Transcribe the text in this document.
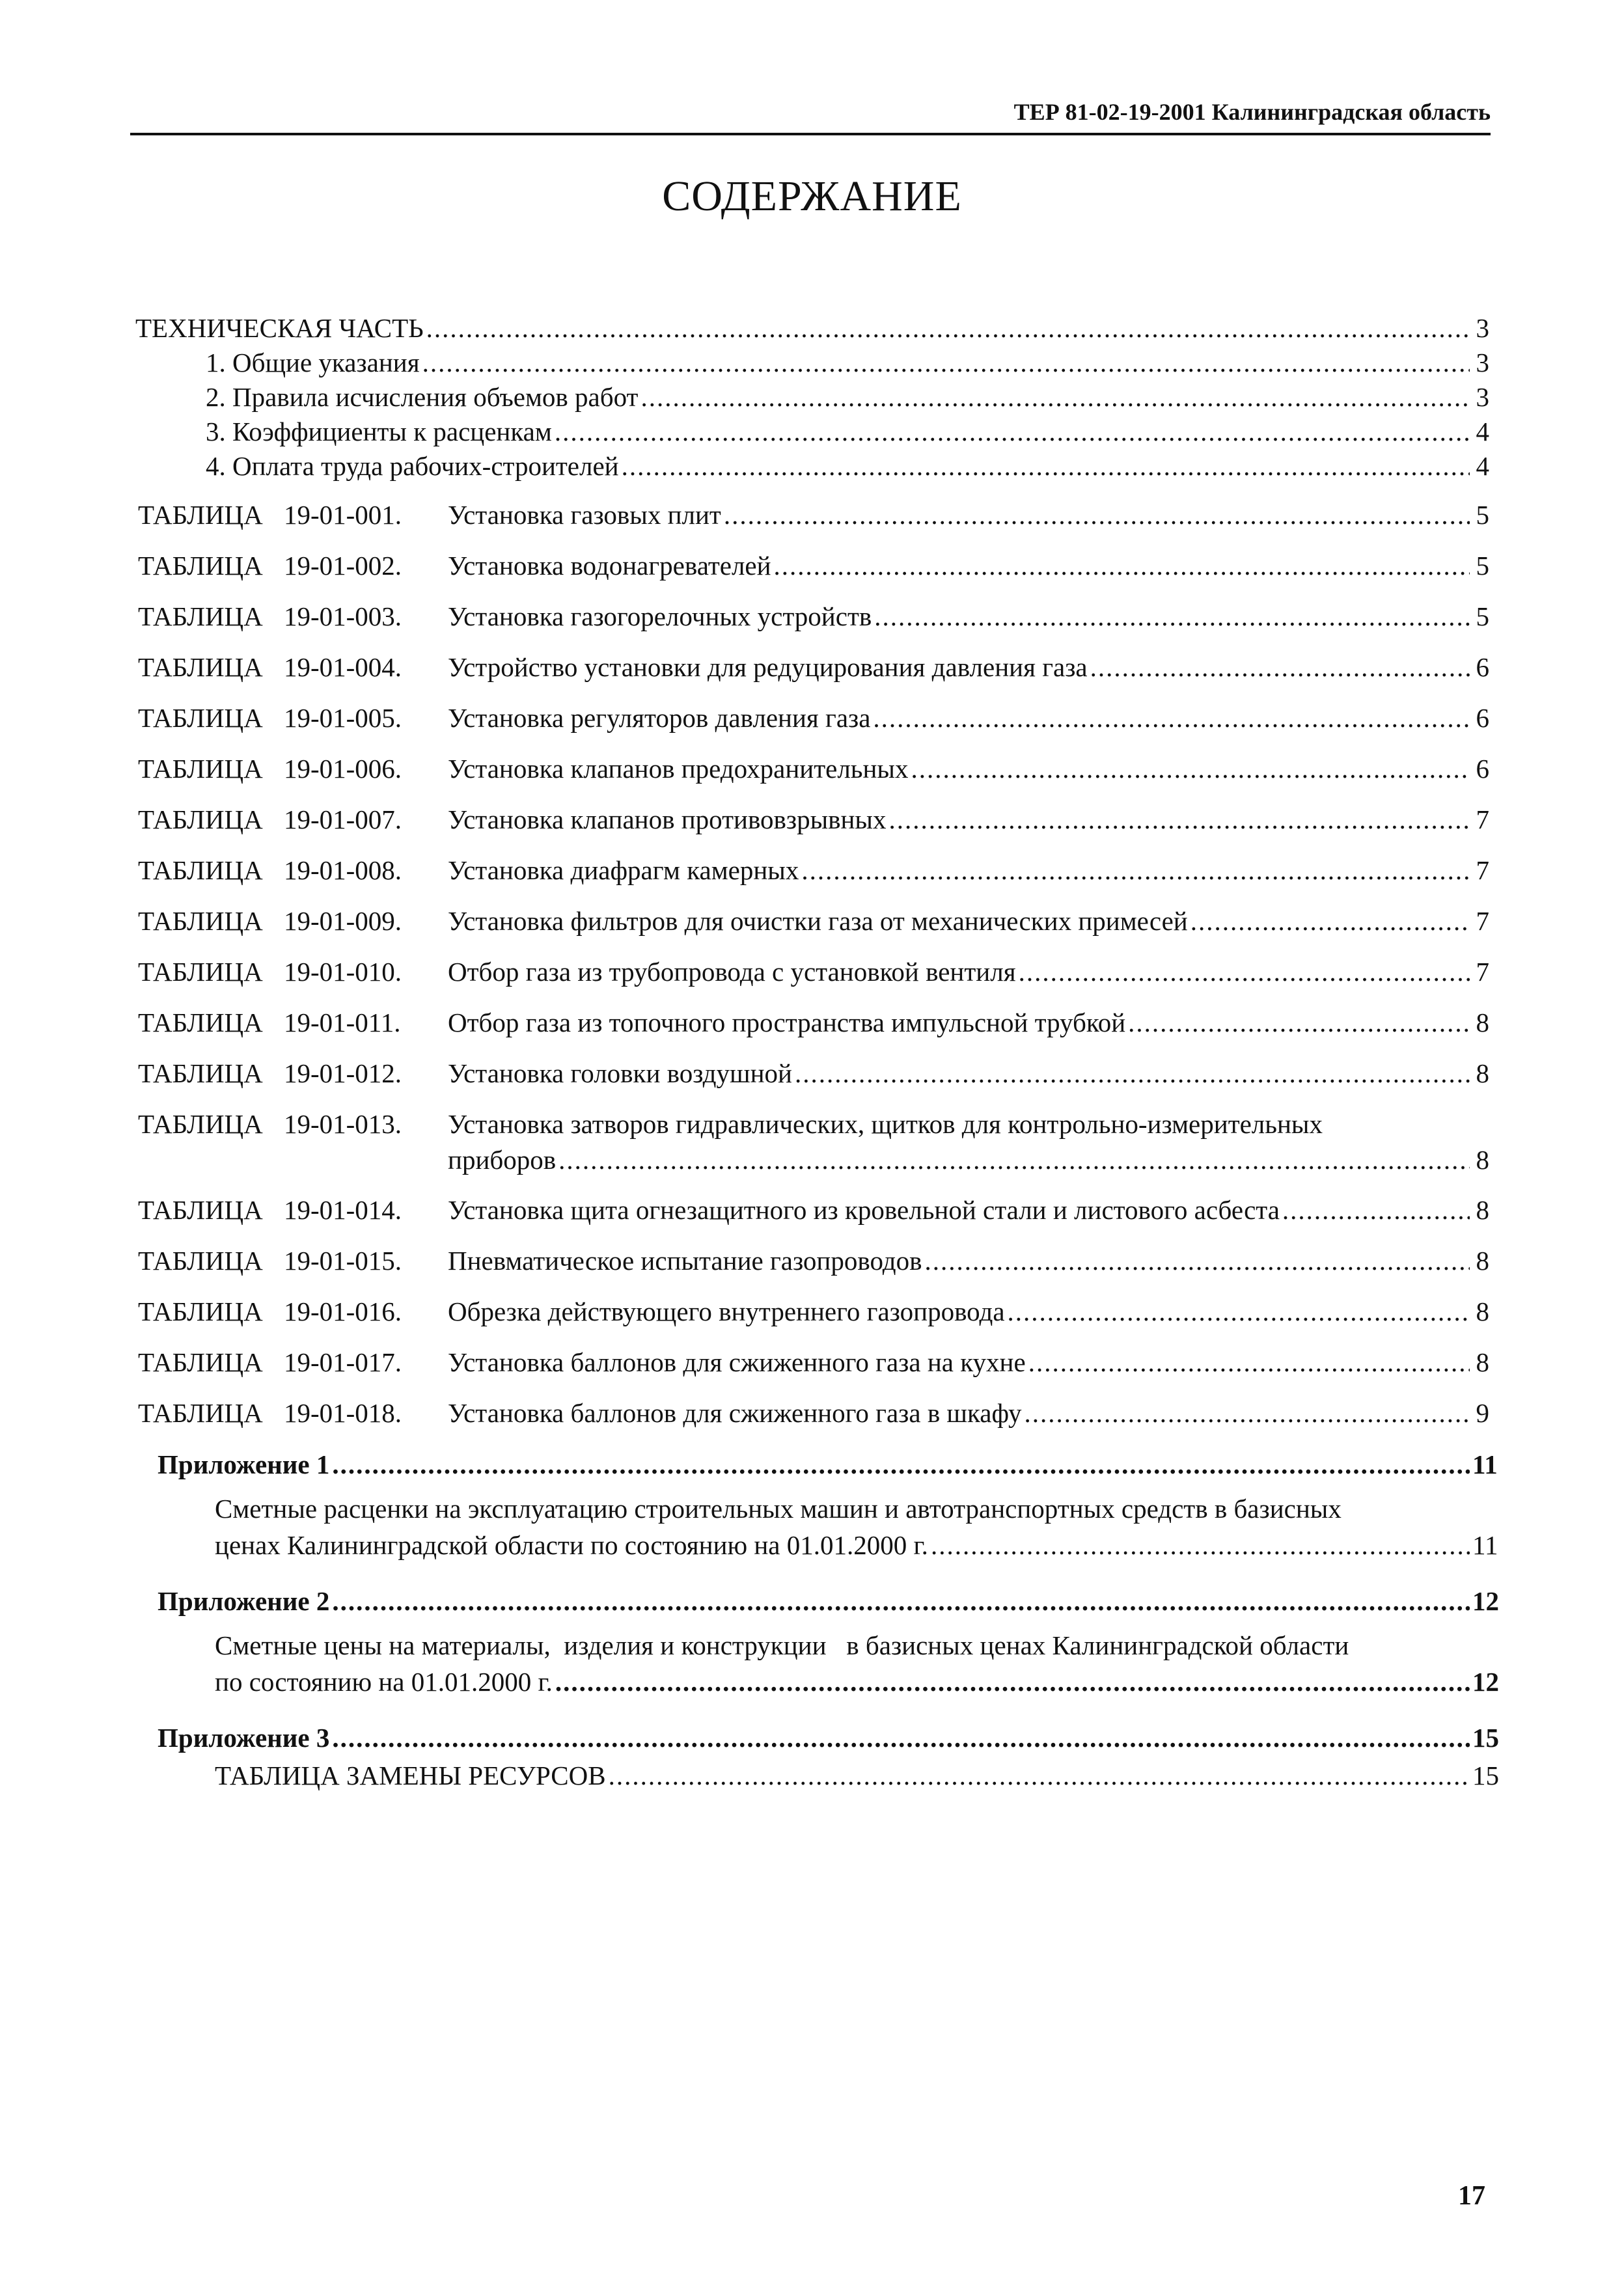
ТЕР 81-02-19-2001 Калининградская область
СОДЕРЖАНИЕ
ТЕХНИЧЕСКАЯ ЧАСТЬ .....	3
1. Общие указания .....	3
2. Правила исчисления объемов работ .....	3
3. Коэффициенты к расценкам .....	4
4. Оплата труда рабочих-строителей .....	4
ТАБЛИЦА 19-01-001. Установка газовых плит .....	5
ТАБЛИЦА 19-01-002. Установка водонагревателей .....	5
ТАБЛИЦА 19-01-003. Установка газогорелочных устройств .....	5
ТАБЛИЦА 19-01-004. Устройство установки для редуцирования давления газа .....	6
ТАБЛИЦА 19-01-005. Установка регуляторов давления газа .....	6
ТАБЛИЦА 19-01-006. Установка клапанов предохранительных .....	6
ТАБЛИЦА 19-01-007. Установка клапанов противовзрывных .....	7
ТАБЛИЦА 19-01-008. Установка диафрагм камерных .....	7
ТАБЛИЦА 19-01-009. Установка фильтров для очистки газа от механических примесей .....	7
ТАБЛИЦА 19-01-010. Отбор газа из трубопровода с установкой вентиля .....	7
ТАБЛИЦА 19-01-011. Отбор газа из топочного пространства импульсной трубкой .....	8
ТАБЛИЦА 19-01-012. Установка головки воздушной .....	8
ТАБЛИЦА 19-01-013. Установка затворов гидравлических, щитков для контрольно-измерительных
приборов .....	8
ТАБЛИЦА 19-01-014. Установка щита огнезащитного из кровельной стали и листового асбеста .....	8
ТАБЛИЦА 19-01-015. Пневматическое испытание газопроводов .....	8
ТАБЛИЦА 19-01-016. Обрезка действующего внутреннего газопровода .....	8
ТАБЛИЦА 19-01-017. Установка баллонов для сжиженного газа на кухне .....	8
ТАБЛИЦА 19-01-018. Установка баллонов для сжиженного газа в шкафу .....	9
Приложение 1 .....	11
Сметные расценки на эксплуатацию строительных машин и автотранспортных средств в базисных
ценах Калининградской области по состоянию на 01.01.2000 г. .....	11
Приложение 2 .....	12
Сметные цены на материалы,  изделия и конструкции   в базисных ценах Калининградской области
по состоянию на 01.01.2000 г. .....	12
Приложение 3 .....	15
ТАБЛИЦА ЗАМЕНЫ РЕСУРСОВ .....	15
17
